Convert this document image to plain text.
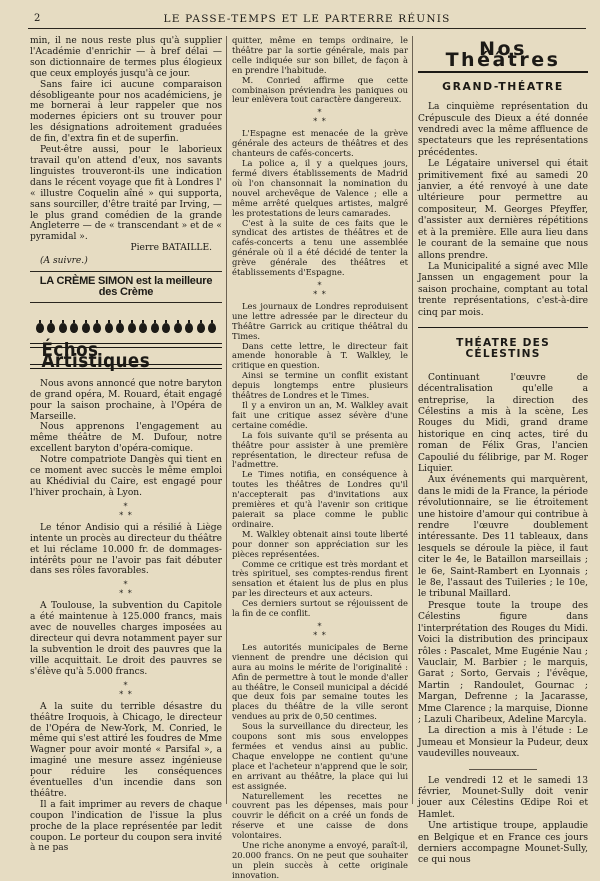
2	LE PASSE-TEMPS ET LE PARTERRE RÉUNIS

min, il ne nous reste plus qu'à supplier l'Académie d'enrichir — à bref délai — son dictionnaire de termes plus élogieux que ceux employés jusqu'à ce jour.

Sans faire ici aucune comparaison désobligeante pour nos académiciens, je me bornerai à leur rappeler que nos modernes épiciers ont su trouver pour les désignations adroitement graduées de fin, d'extra fin et de superfin.

Peut-être aussi, pour le laborieux travail qu'on attend d'eux, nos savants linguistes trouveront-ils une indication dans le récent voyage que fit à Londres l' « illustre Coquelin aîné » qui supporta, sans sourciller, d'être traité par Irving, — le plus grand comédien de la grande Angleterre — de « transcendant » et de « pyramidal ».

Pierre BATAILLE.

(A suivre.)

LA CRÈME SIMON est la meilleure des Crème
Échos Artistiques

Nous avons annoncé que notre baryton de grand opéra, M. Rouard, était engagé pour la saison prochaine, à l'Opéra de Marseille.

Nous apprenons l'engagement au même théâtre de M. Dufour, notre excellent baryton d'opéra-comique.

Notre compatriote Dangès qui tient en ce moment avec succès le même emploi au Khédivial du Caire, est engagé pour l'hiver prochain, à Lyon.

*
* *

Le ténor Andisio qui a résilié à Liège intente un procès au directeur du théâtre et lui réclame 10.000 fr. de dommages-intérêts pour ne l'avoir pas fait débuter dans ses rôles favorables.

*
* *

A Toulouse, la subvention du Capitole a été maintenue à 125.000 francs, mais avec de nouvelles charges imposées au directeur qui devra notamment payer sur la subvention le droit des pauvres que la ville acquittait. Le droit des pauvres se s'élève qu'à 5.000 francs.

*
* *

A la suite du terrible désastre du théâtre Iroquois, à Chicago, le directeur de l'Opéra de New-York, M. Conried, le même qui s'est attiré les foudres de Mme Wagner pour avoir monté « Parsifal », a imaginé une mesure assez ingénieuse pour réduire les conséquences éventuelles d'un incendie dans son théâtre.

Il a fait imprimer au revers de chaque coupon l'indication de l'issue la plus proche de la place représentée par ledit coupon. Le porteur du coupon sera invité à ne pas

quitter, même en temps ordinaire, le théâtre par la sortie générale, mais par celle indiquée sur son billet, de façon à en prendre l'habitude.

M. Conried affirme que cette combinaison préviendra les paniques ou leur enlèvera tout caractère dangereux.

*
* *

L'Espagne est menacée de la grève générale des acteurs de théâtres et des chanteurs de cafés-concerts.

La police a, il y a quelques jours, fermé divers établissements de Madrid où l'on chansonnait la nomination du nouvel archevêque de Valence ; elle a même arrêté quelques artistes, malgré les protestations de leurs camarades.

C'est à la suite de ces faits que le syndicat des artistes de théâtres et de cafés-concerts a tenu une assemblée générale où il a été décidé de tenter la grève générale des théâtres et établissements d'Espagne.

*
* *

Les journaux de Londres reproduisent une lettre adressée par le directeur du Théâtre Garrick au critique théâtral du Times.

Dans cette lettre, le directeur fait amende honorable à T. Walkley, le critique en question.

Ainsi se termine un conflit existant depuis longtemps entre plusieurs théâtres de Londres et le Times.

Il y a environ un an, M. Walkley avait fait une critique assez sévère d'une certaine comédie.

La fois suivante qu'il se présenta au théâtre pour assister à une première représentation, le directeur refusa de l'admettre.

Le Times notifia, en conséquence à toutes les théâtres de Londres qu'il n'accepterait pas d'invitations aux premières et qu'à l'avenir son critique paierait sa place comme le public ordinaire.

M. Walkley obtenait ainsi toute liberté pour donner son appréciation sur les pièces représentées.

Comme ce critique est très mordant et très spirituel, ses comptes-rendus firent sensation et étaient lus de plus en plus par les directeurs et aux acteurs.

Ces derniers surtout se réjouissent de la fin de ce conflit.

*
* *

Les autorités municipales de Berne viennent de prendre une décision qui aura au moins le mérite de l'originalité : Afin de permettre à tout le monde d'aller au théâtre, le Conseil municipal a décidé que deux fois par semaine toutes les places du théâtre de la ville seront vendues au prix de 0,50 centimes.

Sous la surveillance du directeur, les coupons sont mis sous enveloppes fermées et vendus ainsi au public. Chaque enveloppe ne contient qu'une place et l'acheteur n'apprend que le soir, en arrivant au théâtre, la place qui lui est assignée.

Naturellement les recettes ne couvrent pas les dépenses, mais pour couvrir le déficit on a créé un fonds de réserve et une caisse de dons volontaires.

Une riche anonyme a envoyé, paraît-il, 20.000 francs. On ne peut que souhaiter un plein succès à cette originale innovation.

Nos Théâtres
GRAND-THÉATRE

La cinquième représentation du Crépuscule des Dieux a été donnée vendredi avec la même affluence de spectateurs que les représentations précédentes.

Le Légataire universel qui était primitivement fixé au samedi 20 janvier, a été renvoyé à une date ultérieure pour permettre au compositeur, M. Georges Pfeyffer, d'assister aux dernières répétitions et à la première. Elle aura lieu dans le courant de la semaine que nous allons prendre.

La Municipalité a signé avec Mlle Janssen un engagement pour la saison prochaine, comptant au total trente représentations, c'est-à-dire cinq par mois.

THÉATRE DES CÉLESTINS

Continuant l'œuvre de décentralisation qu'elle a entreprise, la direction des Célestins a mis à la scène, Les Rouges du Midi, grand drame historique en cinq actes, tiré du roman de Félix Gras, l'ancien Capoulié du félibrige, par M. Roger Liquier.

Aux événements qui marquèrent, dans le midi de la France, la période révolutionnaire, se lie étroitement une histoire d'amour qui contribue à rendre l'œuvre doublement intéressante. Des 11 tableaux, dans lesquels se déroule la pièce, il faut citer le 4e, le Bataillon marseillais ; le 6e, Saint-Rambert en Lyonnais ; le 8e, l'assaut des Tuileries ; le 10e, le tribunal Maillard.

Presque toute la troupe des Célestins figure dans l'interprétation des Rouges du Midi. Voici la distribution des principaux rôles : Pascalet, Mme Eugénie Nau ; Vauclair, M. Barbier ; le marquis, Garat ; Sorto, Gervais ; l'évêque, Martin ; Randoulet, Gournac ; Margan, Defrenne ; la Jacarasse, Mme Clarence ; la marquise, Dionne ; Lazuli Charibeux, Adeline Marcyla.

La direction a mis à l'étude : Le Jumeau et Monsieur la Pudeur, deux vaudevilles nouveaux.

Le vendredi 12 et le samedi 13 février, Mounet-Sully doit venir jouer aux Célestins Œdipe Roi et Hamlet.

Une artistique troupe, applaudie en Belgique et en France ces jours derniers accompagne Mounet-Sully, ce qui nous
